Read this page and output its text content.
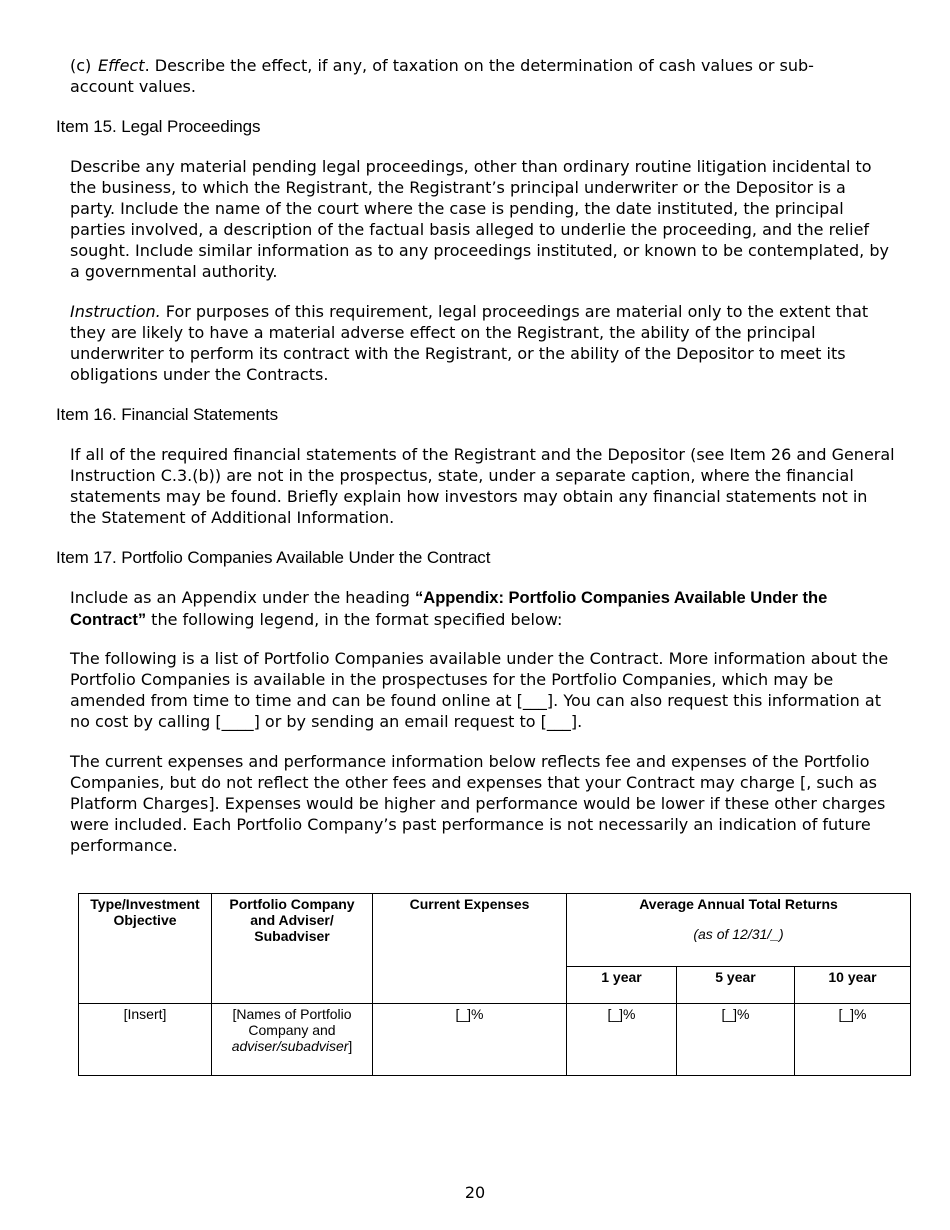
(c) Effect. Describe the effect, if any, of taxation on the determination of cash values or sub-account values.
Item 15. Legal Proceedings

Describe any material pending legal proceedings, other than ordinary routine litigation incidental to the business, to which the Registrant, the Registrant’s principal underwriter or the Depositor is a party. Include the name of the court where the case is pending, the date instituted, the principal parties involved, a description of the factual basis alleged to underlie the proceeding, and the relief sought. Include similar information as to any proceedings instituted, or known to be contemplated, by a governmental authority.

Instruction. For purposes of this requirement, legal proceedings are material only to the extent that they are likely to have a material adverse effect on the Registrant, the ability of the principal underwriter to perform its contract with the Registrant, or the ability of the Depositor to meet its obligations under the Contracts.

Item 16. Financial Statements

If all of the required financial statements of the Registrant and the Depositor (see Item 26 and General Instruction C.3.(b)) are not in the prospectus, state, under a separate caption, where the financial statements may be found. Briefly explain how investors may obtain any financial statements not in the Statement of Additional Information.

Item 17. Portfolio Companies Available Under the Contract

Include as an Appendix under the heading “Appendix: Portfolio Companies Available Under the Contract” the following legend, in the format specified below:

The following is a list of Portfolio Companies available under the Contract. More information about the Portfolio Companies is available in the prospectuses for the Portfolio Companies, which may be amended from time to time and can be found online at [___]. You can also request this information at no cost by calling [____] or by sending an email request to [___].

The current expenses and performance information below reflects fee and expenses of the Portfolio Companies, but do not reflect the other fees and expenses that your Contract may charge [, such as Platform Charges]. Expenses would be higher and performance would be lower if these other charges were included. Each Portfolio Company’s past performance is not necessarily an indication of future performance.

Type/Investment Objective	Portfolio Company and Adviser/ Subadviser	Current Expenses	Average Annual Total Returns
(as of 12/31/_)		

			1 year	5 year	10 year
[Insert]	[Names of Portfolio Company and adviser/subadviser]	[_]%	[_]%	[_]%	[_]%
20
